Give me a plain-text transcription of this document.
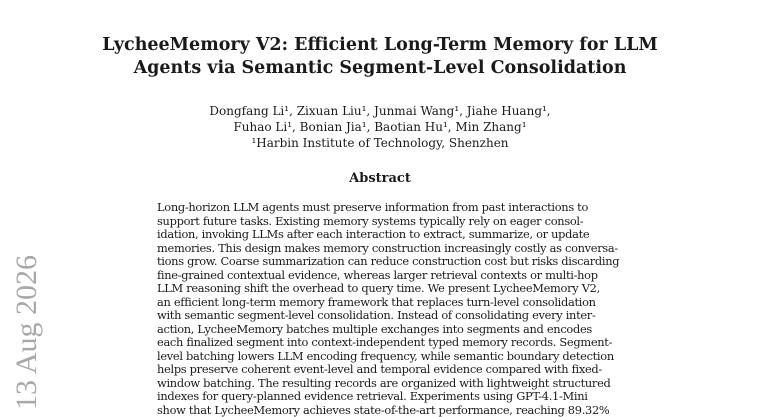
LycheeMemory V2: Efficient Long-Term Memory for LLM
Agents via Semantic Segment-Level Consolidation
Dongfang Li¹, Zixuan Liu¹, Junmai Wang¹, Jiahe Huang¹,
Fuhao Li¹, Bonian Jia¹, Baotian Hu¹, Min Zhang¹
¹Harbin Institute of Technology, Shenzhen
Abstract
Long-horizon LLM agents must preserve information from past interactions to
support future tasks. Existing memory systems typically rely on eager consol-
idation, invoking LLMs after each interaction to extract, summarize, or update
memories. This design makes memory construction increasingly costly as conversa-
tions grow. Coarse summarization can reduce construction cost but risks discarding
fine-grained contextual evidence, whereas larger retrieval contexts or multi-hop
LLM reasoning shift the overhead to query time. We present LycheeMemory V2,
an efficient long-term memory framework that replaces turn-level consolidation
with semantic segment-level consolidation. Instead of consolidating every inter-
action, LycheeMemory batches multiple exchanges into segments and encodes
each finalized segment into context-independent typed memory records. Segment-
level batching lowers LLM encoding frequency, while semantic boundary detection
helps preserve coherent event-level and temporal evidence compared with fixed-
window batching. The resulting records are organized with lightweight structured
indexes for query-planned evidence retrieval. Experiments using GPT-4.1-Mini
show that LycheeMemory achieves state-of-the-art performance, reaching 89.32%
13 Aug 2026
